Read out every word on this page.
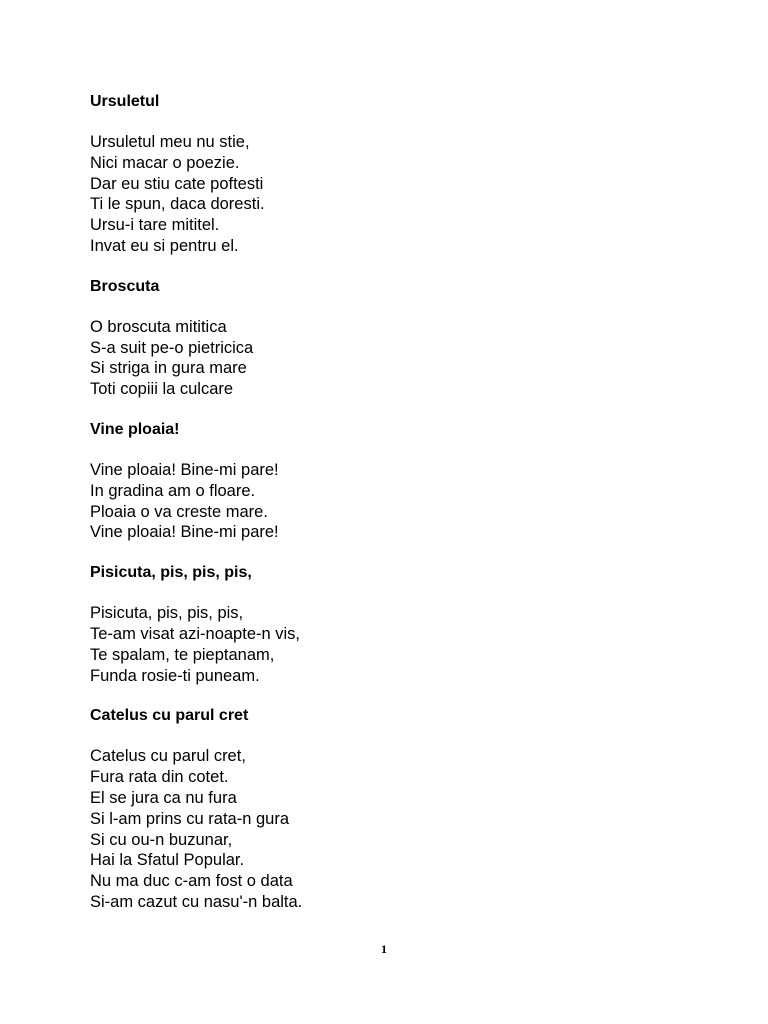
Ursuletul
Ursuletul meu nu stie,
Nici macar o poezie.
Dar eu stiu cate poftesti
Ti le spun, daca doresti.
Ursu-i tare mititel.
Invat eu si pentru el.
Broscuta
O broscuta mititica
S-a suit pe-o pietricica
Si striga in gura mare
Toti copiii la culcare
Vine ploaia!
Vine ploaia! Bine-mi pare!
In gradina am o floare.
Ploaia o va creste mare.
Vine ploaia! Bine-mi pare!
Pisicuta, pis, pis, pis,
Pisicuta, pis, pis, pis,
Te-am visat azi-noapte-n vis,
Te spalam, te pieptanam,
Funda rosie-ti puneam.
Catelus cu parul cret
Catelus cu parul cret,
Fura rata din cotet.
El se jura ca nu fura
Si l-am prins cu rata-n gura
Si cu ou-n buzunar,
Hai la Sfatul Popular.
Nu ma duc c-am fost o data
Si-am cazut cu nasu'-n balta.
1
